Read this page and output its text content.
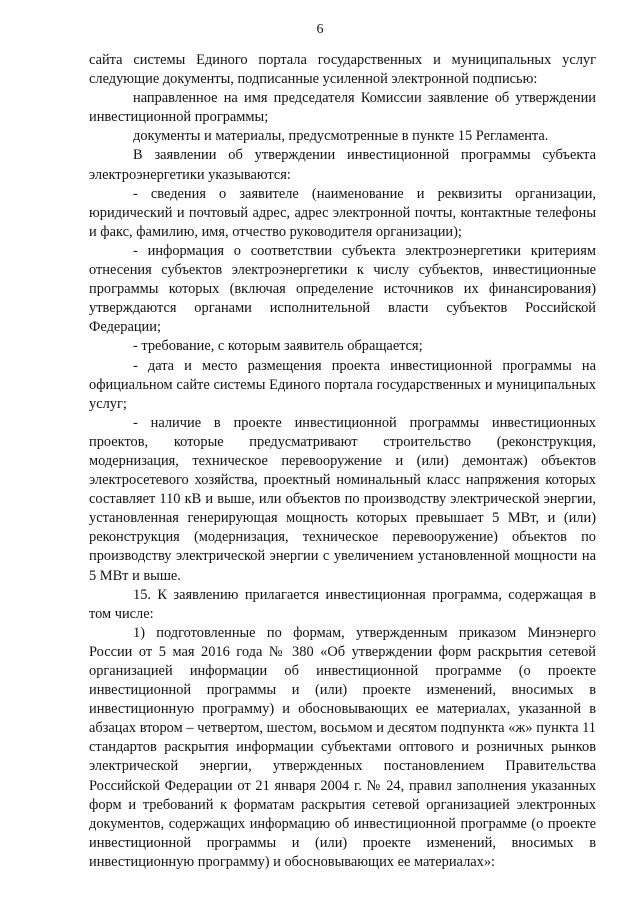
6

сайта системы Единого портала государственных и муниципальных услуг следующие документы, подписанные усиленной электронной подписью:

направленное на имя председателя Комиссии заявление об утверждении инвестиционной программы;

документы и материалы, предусмотренные в пункте 15 Регламента.

В заявлении об утверждении инвестиционной программы субъекта электроэнергетики указываются:

- сведения о заявителе (наименование и реквизиты организации, юридический и почтовый адрес, адрес электронной почты, контактные телефоны и факс, фамилию, имя, отчество руководителя организации);

- информация о соответствии субъекта электроэнергетики критериям отнесения субъектов электроэнергетики к числу субъектов, инвестиционные программы которых (включая определение источников их финансирования) утверждаются органами исполнительной власти субъектов Российской Федерации;

- требование, с которым заявитель обращается;

- дата и место размещения проекта инвестиционной программы на официальном сайте системы Единого портала государственных и муниципальных услуг;

- наличие в проекте инвестиционной программы инвестиционных проектов, которые предусматривают строительство (реконструкция, модернизация, техническое перевооружение и (или) демонтаж) объектов электросетевого хозяйства, проектный номинальный класс напряжения которых составляет 110 кВ и выше, или объектов по производству электрической энергии, установленная генерирующая мощность которых превышает 5 МВт, и (или) реконструкция (модернизация, техническое перевооружение) объектов по производству электрической энергии с увеличением установленной мощности на 5 МВт и выше.

15. К заявлению прилагается инвестиционная программа, содержащая в том числе:

1) подготовленные по формам, утвержденным приказом Минэнерго России от 5 мая 2016 года № 380 «Об утверждении форм раскрытия сетевой организацией информации об инвестиционной программе (о проекте инвестиционной программы и (или) проекте изменений, вносимых в инвестиционную программу) и обосновывающих ее материалах, указанной в абзацах втором – четвертом, шестом, восьмом и десятом подпункта «ж» пункта 11 стандартов раскрытия информации субъектами оптового и розничных рынков электрической энергии, утвержденных постановлением Правительства Российской Федерации от 21 января 2004 г. № 24, правил заполнения указанных форм и требований к форматам раскрытия сетевой организацией электронных документов, содержащих информацию об инвестиционной программе (о проекте инвестиционной программы и (или) проекте изменений, вносимых в инвестиционную программу) и обосновывающих ее материалах»:
